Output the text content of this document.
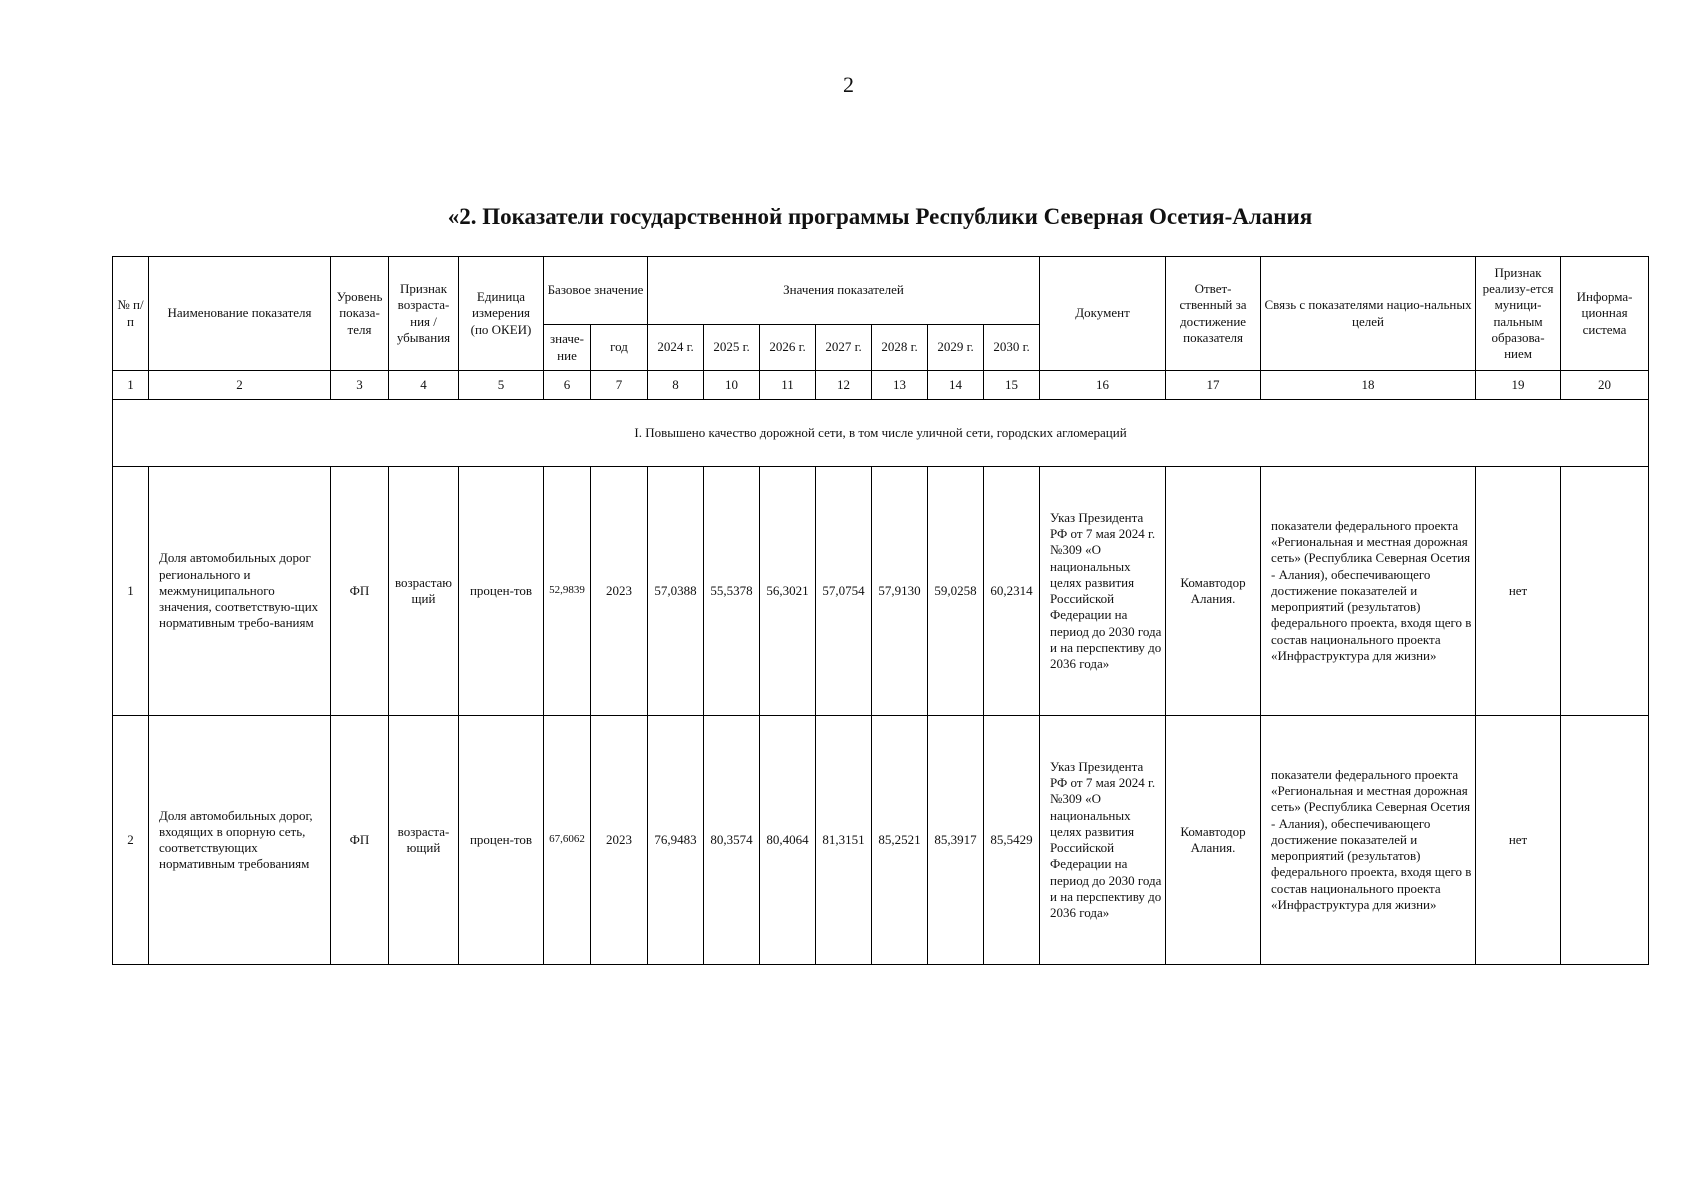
2
«2. Показатели государственной программы Республики Северная Осетия-Алания
№ п/п	Наименование показателя	Уровень показа-теля	Признак возраста-ния / убывания	Единица измерения (по ОКЕИ)	Базовое значение		Значения показателей							Документ	Ответ-ственный за достижение показателя	Связь с показателями нацио-нальных целей	Признак реализу-ется муници-пальным образова-нием	Информа-ционная система
					значе-ние	год	2024 г.	2025 г.	2026 г.	2027 г.	2028 г.	2029 г.	2030 г.					
1	2	3	4	5	6	7	8	10	11	12	13	14	15	16	17	18	19	20
I. Повышено качество дорожной сети, в том числе уличной сети, городских агломераций																		
1	Доля автомобильных дорог регионального и межмуниципального значения, соответствую-щих нормативным требо-ваниям	ФП	возрастаю щий	процен-тов	52,9839	2023	57,0388	55,5378	56,3021	57,0754	57,9130	59,0258	60,2314	Указ Президента РФ от 7 мая 2024 г. №309 «О национальных целях развития Российской Федерации на период до 2030 года и на перспективу до 2036 года»	Комавтодор Алания.	показатели федерального проекта «Региональная и местная дорожная сеть» (Республика Северная Осетия - Алания), обеспечивающего достижение показателей и мероприятий (результатов) федерального проекта, входя щего в состав национального проекта «Инфраструктура для жизни»	нет	
2	Доля автомобильных дорог, входящих в опорную сеть, соответствующих нормативным требованиям	ФП	возраста-ющий	процен-тов	67,6062	2023	76,9483	80,3574	80,4064	81,3151	85,2521	85,3917	85,5429	Указ Президента РФ от 7 мая 2024 г. №309 «О национальных целях развития Российской Федерации на период до 2030 года и на перспективу до 2036 года»	Комавтодор Алания.	показатели федерального проекта «Региональная и местная дорожная сеть» (Республика Северная Осетия - Алания), обеспечивающего достижение показателей и мероприятий (результатов) федерального проекта, входя щего в состав национального проекта «Инфраструктура для жизни»	нет	
